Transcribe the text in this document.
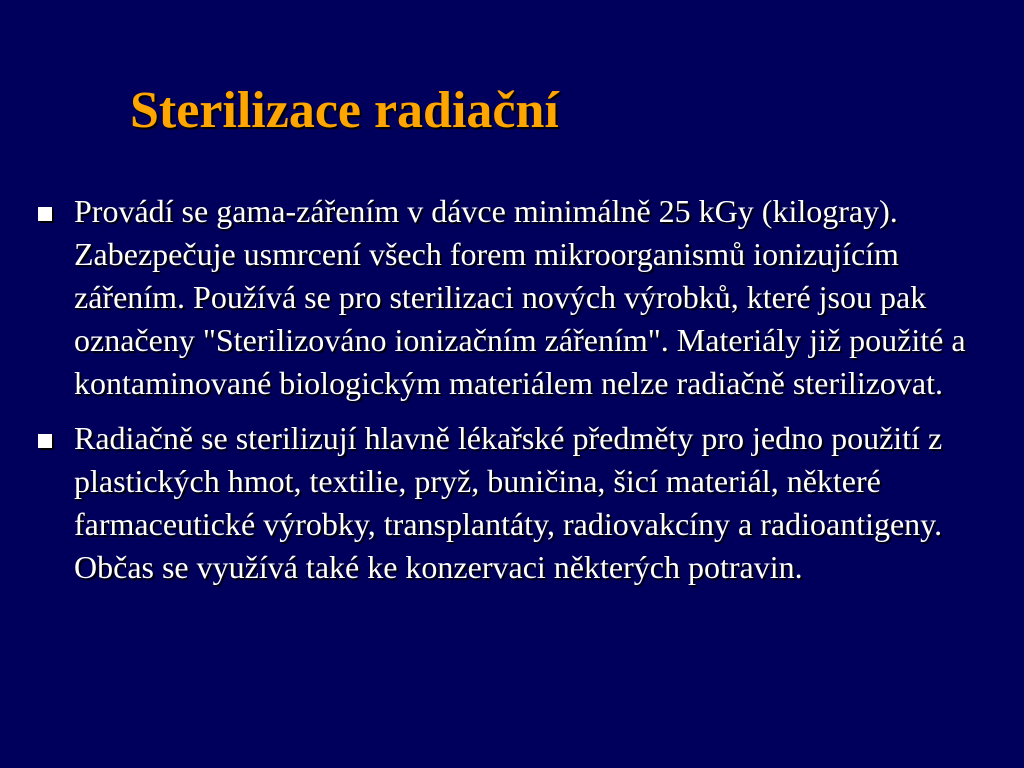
Sterilizace radiační
Provádí se gama-zářením v dávce minimálně 25 kGy (kilogray). Zabezpečuje usmrcení všech forem mikroorganismů ionizujícím zářením. Používá se pro sterilizaci nových výrobků, které jsou pak označeny "Sterilizováno ionizačním zářením". Materiály již použité a kontaminované biologickým materiálem nelze radiačně sterilizovat.
Radiačně se sterilizují hlavně lékařské předměty pro jedno použití z plastických hmot, textilie, pryž, buničina, šicí materiál, některé farmaceutické výrobky, transplantáty, radiovakcíny a radioantigeny. Občas se využívá také ke konzervaci některých potravin.
